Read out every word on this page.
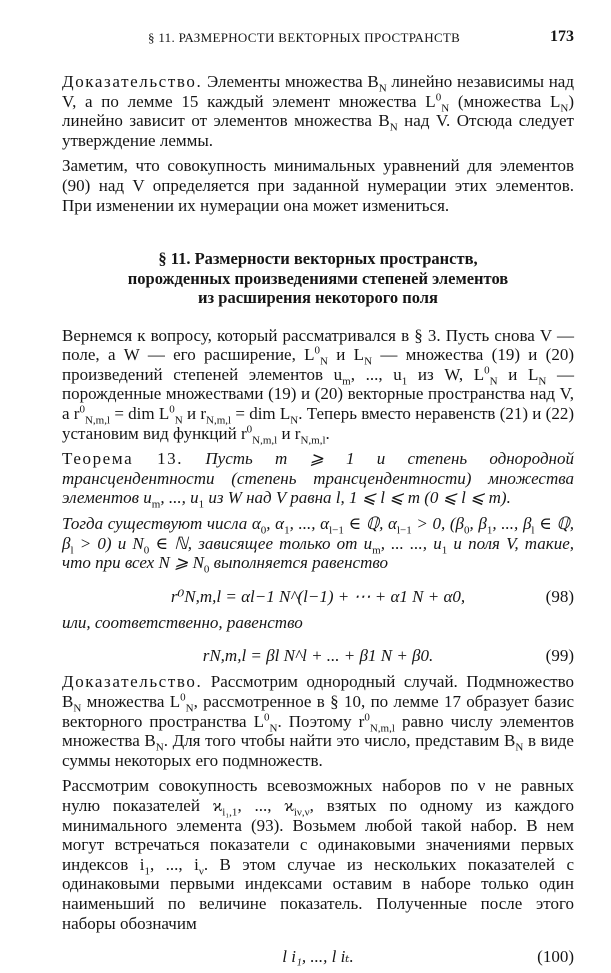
§ 11. РАЗМЕРНОСТИ ВЕКТОРНЫХ ПРОСТРАНСТВ	173

Доказательство. Элементы множества $B_N$ линейно независимы над V, а по лемме 15 каждый элемент множества $L^0_N$ (множества $L_N$) линейно зависит от элементов множества $B_N$ над V. Отсюда следует утверждение леммы.

Заметим, что совокупность минимальных уравнений для элементов (90) над V определяется при заданной нумерации этих элементов. При изменении их нумерации она может измениться.

§ 11. Размерности векторных пространств,
порожденных произведениями степеней элементов
из расширения некоторого поля

Вернемся к вопросу, который рассматривался в § 3. Пусть снова V — поле, а W — его расширение, $L^0_N$ и $L_N$ — множества (19) и (20) произведений степеней элементов $u_m$, ..., $u_1$ из W, $L^0_N$ и $L_N$ — порожденные множествами (19) и (20) векторные пространства над V, а $r^0_{N,m,l}$ = dim $L^0_N$ и $r_{N,m,l}$ = dim $L_N$. Теперь вместо неравенств (21) и (22) установим вид функций $r^0_{N,m,l}$ и $r_{N,m,l}$.

Теорема 13. Пусть m ⩾ 1 и степень однородной трансцендентности (степень трансцендентности) множества элементов $u_m$, ..., $u_1$ из W над V равна l, 1 ⩽ l ⩽ m (0 ⩽ l ⩽ m).

Тогда существуют числа $\alpha_0$, $\alpha_1$, ..., $\alpha_{l-1}$ ∈ ℚ, $\alpha_{l-1} > 0$, ($\beta_0$, $\beta_1$, ..., $\beta_l$ ∈ ℚ, $\beta_l > 0$) и $N_0$ ∈ ℕ, зависящее только от $u_m$, ... ..., $u_1$ и поля V, такие, что при всех N ⩾ $N_0$ выполняется равенство

r⁰N,m,l = αl−1 N^(l−1) + ⋯ + α1 N + α0,	(98)

или, соответственно, равенство

rN,m,l = βl N^l + ... + β1 N + β0.	(99)

Доказательство. Рассмотрим однородный случай. Подмножество $B_N$ множества $L^0_N$, рассмотренное в § 10, по лемме 17 образует базис векторного пространства $L^0_N$. Поэтому $r^0_{N,m,l}$ равно числу элементов множества $B_N$. Для того чтобы найти это число, представим $B_N$ в виде суммы некоторых его подмножеств.

Рассмотрим совокупность всевозможных наборов по ν не равных нулю показателей $ϰ_{i_1,1}$, ..., $ϰ_{i\nu,\nu}$, взятых по одному из каждого минимального элемента (93). Возьмем любой такой набор. В нем могут встречаться показатели с одинаковыми значениями первых индексов $i_1$, ..., $i_\nu$. В этом случае из нескольких показателей с одинаковыми первыми индексами оставим в наборе только один наименьший по величине показатель. Полученные после этого наборы обозначим

l i₁, ..., l iₜ.	(100)
